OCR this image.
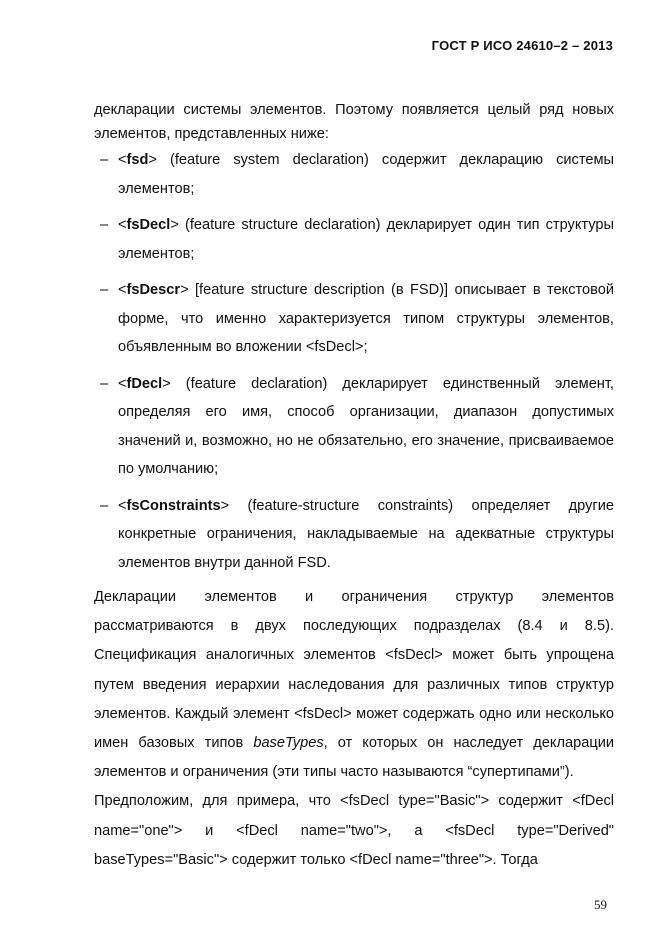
ГОСТ Р ИСО 24610–2 – 2013

декларации системы элементов. Поэтому появляется целый ряд новых элементов, представленных ниже:

– <fsd> (feature system declaration) содержит декларацию системы элементов;
– <fsDecl> (feature structure declaration) декларирует один тип структуры элементов;
– <fsDescr> [feature structure description (в FSD)] описывает в текстовой форме, что именно характеризуется типом структуры элементов, объявленным во вложении <fsDecl>;
– <fDecl> (feature declaration) декларирует единственный элемент, определяя его имя, способ организации, диапазон допустимых значений и, возможно, но не обязательно, его значение, присваиваемое по умолчанию;
– <fsConstraints> (feature-structure constraints) определяет другие конкретные ограничения, накладываемые на адекватные структуры элементов внутри данной FSD.

Декларации элементов и ограничения структур элементов рассматриваются в двух последующих подразделах (8.4 и 8.5). Спецификация аналогичных элементов <fsDecl> может быть упрощена путем введения иерархии наследования для различных типов структур элементов. Каждый элемент <fsDecl> может содержать одно или несколько имен базовых типов baseTypes, от которых он наследует декларации элементов и ограничения (эти типы часто называются “супертипами”).

Предположим, для примера, что <fsDecl type="Basic"> содержит <fDecl name="one"> и <fDecl name="two">, а <fsDecl type="Derived" baseTypes="Basic"> содержит только <fDecl name="three">. Тогда

59
